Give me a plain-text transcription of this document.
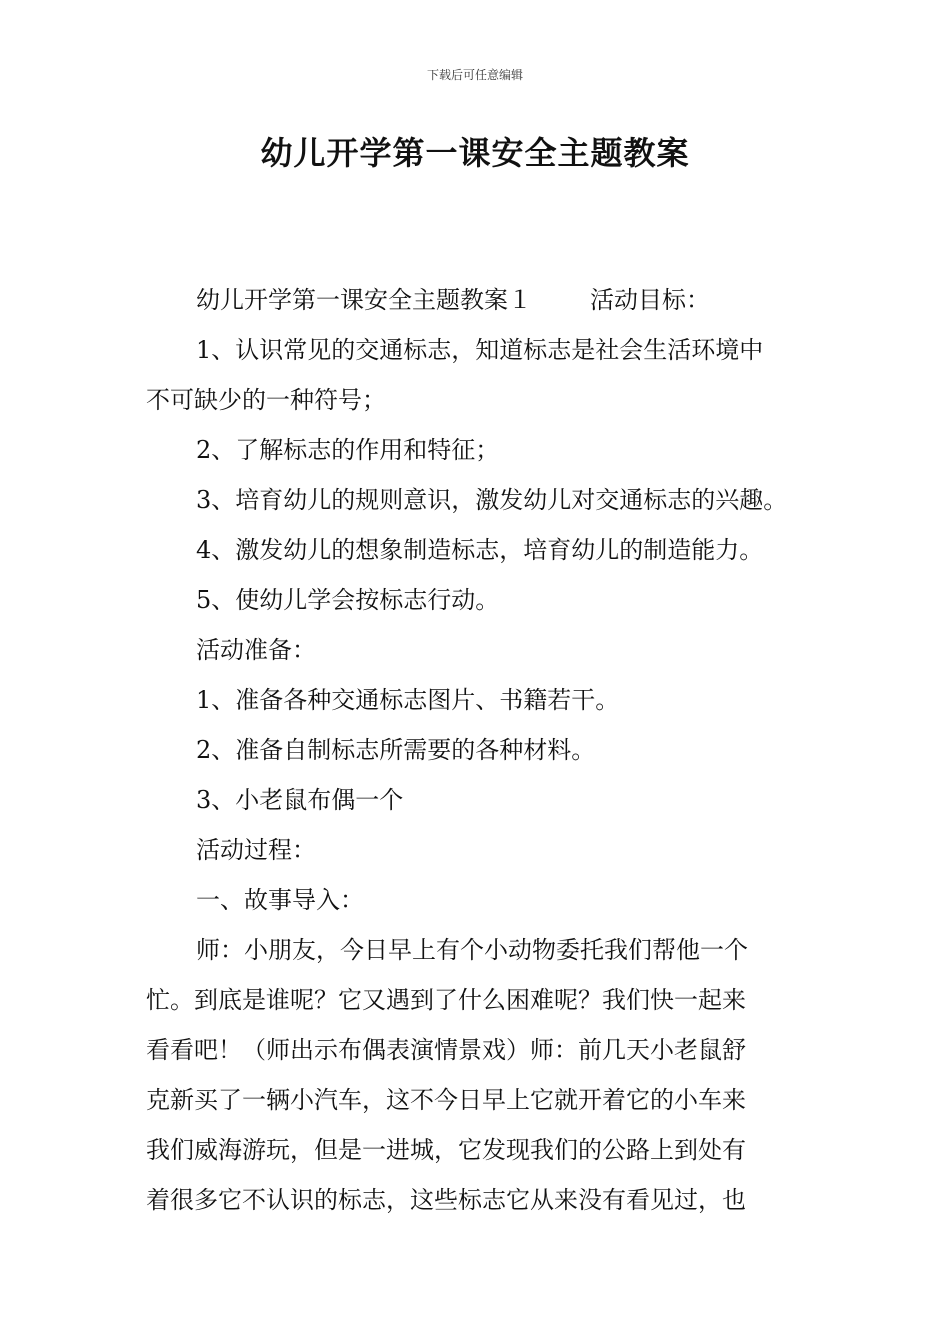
下载后可任意编辑
幼儿开学第一课安全主题教案
幼儿开学第一课安全主题教案１ 活动目标：
1、认识常见的交通标志，知道标志是社会生活环境中
不可缺少的一种符号；
2、了解标志的作用和特征；
3、培育幼儿的规则意识，激发幼儿对交通标志的兴趣。
4、激发幼儿的想象制造标志，培育幼儿的制造能力。
5、使幼儿学会按标志行动。
活动准备：
1、准备各种交通标志图片、书籍若干。
2、准备自制标志所需要的各种材料。
3、小老鼠布偶一个
活动过程：
一、故事导入：
师：小朋友，今日早上有个小动物委托我们帮他一个
忙。到底是谁呢？它又遇到了什么困难呢？我们快一起来
看看吧！（师出示布偶表演情景戏）师：前几天小老鼠舒
克新买了一辆小汽车，这不今日早上它就开着它的小车来
我们威海游玩，但是一进城，它发现我们的公路上到处有
着很多它不认识的标志，这些标志它从来没有看见过，也
